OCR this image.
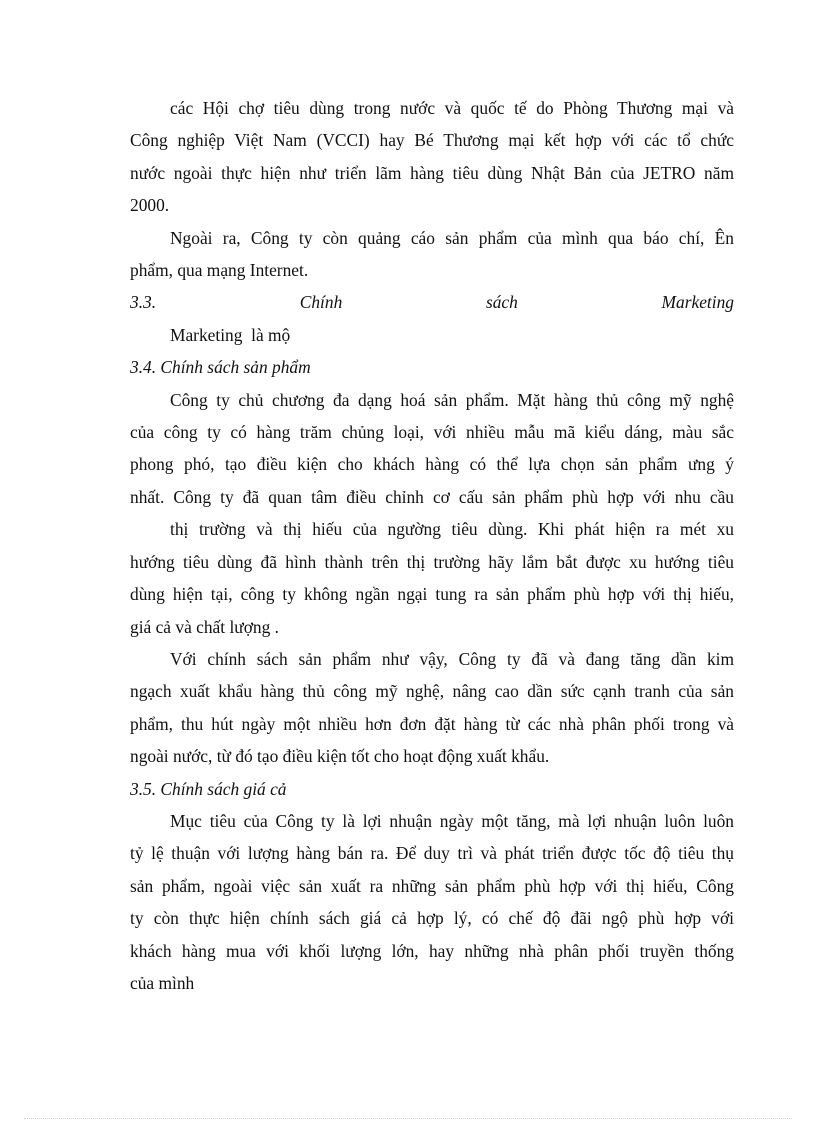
các Hội chợ tiêu dùng trong nước và quốc tế do Phòng Thương mại và

Công nghiệp Việt Nam (VCCI) hay Bé Thương mại kết hợp với các tổ chức

nước ngoài thực hiện như triển lãm hàng tiêu dùng Nhật Bản của JETRO năm

2000.

Ngoài ra, Công ty còn quảng cáo sản phẩm của mình qua báo chí, Ên

phẩm, qua mạng Internet.

3.3.	Chính	sách	Marketing

Marketing  là mộ

3.4. Chính sách sản phẩm

Công ty chủ chương đa dạng hoá sản phẩm. Mặt hàng thủ công mỹ nghệ

của công ty có hàng trăm chủng loại, với nhiều mẫu mã kiểu dáng, màu sắc

phong phó, tạo điều kiện cho khách hàng có thể lựa chọn sản phẩm ưng ý

nhất. Công ty đã quan tâm điều chỉnh cơ cấu sản phẩm phù hợp với nhu cầu

thị trường và thị hiếu của ngường tiêu dùng. Khi phát hiện ra mét xu

hướng tiêu dùng đã hình thành trên thị trường hãy lắm bắt được xu hướng tiêu

dùng hiện tại, công ty không ngần ngại tung ra sản phẩm phù hợp với thị hiếu,

giá cả và chất lượng .

Với chính sách sản phẩm như vậy, Công ty đã và đang tăng dần kim

ngạch xuất khẩu hàng thủ công mỹ nghệ, nâng cao dần sức cạnh tranh của sản

phẩm, thu hút ngày một nhiều hơn đơn đặt hàng từ các nhà phân phối trong và

ngoài nước, từ đó tạo điều kiện tốt cho hoạt động xuất khẩu.

3.5. Chính sách giá cả

Mục tiêu của Công ty là lợi nhuận ngày một tăng, mà lợi nhuận luôn luôn

tỷ lệ thuận với lượng hàng bán ra. Để duy trì và phát triển được tốc độ tiêu thụ

sản phẩm, ngoài việc sản xuất ra những sản phẩm phù hợp với thị hiếu, Công

ty còn thực hiện chính sách giá cả hợp lý, có chế độ đãi ngộ phù hợp với

khách hàng mua với khối lượng lớn, hay những nhà phân phối truyền thống

của mình
